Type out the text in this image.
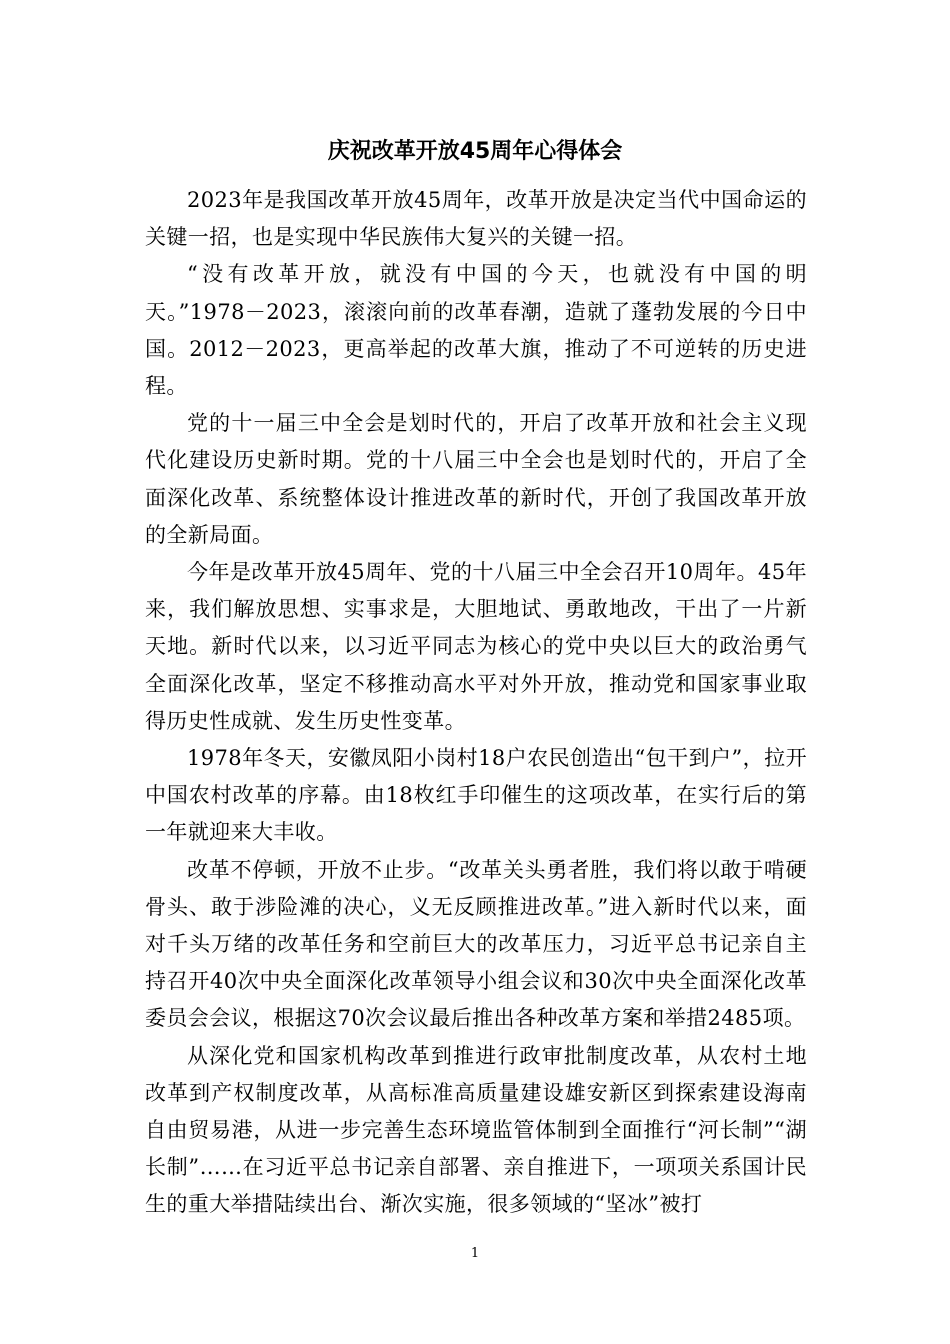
庆祝改革开放45周年心得体会

2023年是我国改革开放45周年，改革开放是决定当代中国命运的关键一招，也是实现中华民族伟大复兴的关键一招。

“没有改革开放，就没有中国的今天，也就没有中国的明天。”1978－2023，滚滚向前的改革春潮，造就了蓬勃发展的今日中国。2012－2023，更高举起的改革大旗，推动了不可逆转的历史进程。

党的十一届三中全会是划时代的，开启了改革开放和社会主义现代化建设历史新时期。党的十八届三中全会也是划时代的，开启了全面深化改革、系统整体设计推进改革的新时代，开创了我国改革开放的全新局面。

今年是改革开放45周年、党的十八届三中全会召开10周年。45年来，我们解放思想、实事求是，大胆地试、勇敢地改，干出了一片新天地。新时代以来，以习近平同志为核心的党中央以巨大的政治勇气全面深化改革，坚定不移推动高水平对外开放，推动党和国家事业取得历史性成就、发生历史性变革。

1978年冬天，安徽凤阳小岗村18户农民创造出“包干到户”，拉开中国农村改革的序幕。由18枚红手印催生的这项改革，在实行后的第一年就迎来大丰收。

改革不停顿，开放不止步。“改革关头勇者胜，我们将以敢于啃硬骨头、敢于涉险滩的决心，义无反顾推进改革。”进入新时代以来，面对千头万绪的改革任务和空前巨大的改革压力，习近平总书记亲自主持召开40次中央全面深化改革领导小组会议和30次中央全面深化改革委员会会议，根据这70次会议最后推出各种改革方案和举措2485项。

从深化党和国家机构改革到推进行政审批制度改革，从农村土地改革到产权制度改革，从高标准高质量建设雄安新区到探索建设海南自由贸易港，从进一步完善生态环境监管体制到全面推行“河长制”“湖长制”……在习近平总书记亲自部署、亲自推进下，一项项关系国计民生的重大举措陆续出台、渐次实施，很多领域的“坚冰”被打

1
